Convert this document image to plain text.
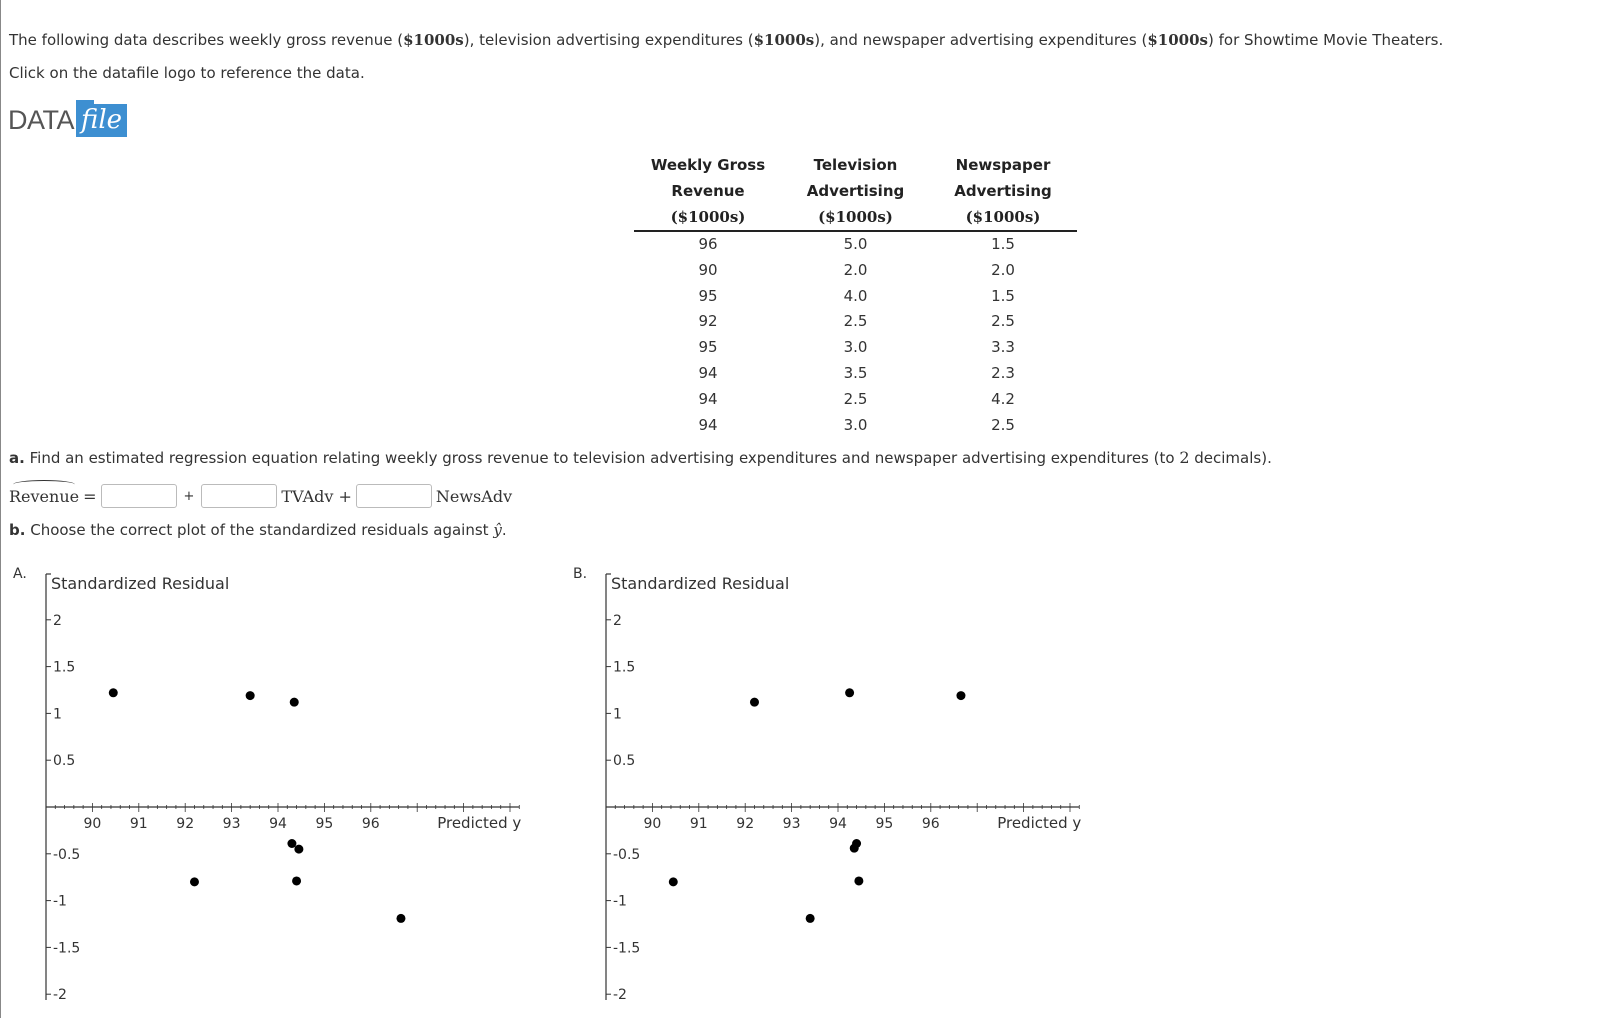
The following data describes weekly gross revenue ($1000s), television advertising expenditures ($1000s), and newspaper advertising expenditures ($1000s) for Showtime Movie Theaters.
Click on the datafile logo to reference the data.
DATA file
Weekly Gross	Television	Newspaper
Revenue	Advertising	Advertising
($1000s)	($1000s)	($1000s)
96	5.0	1.5
90	2.0	2.0
95	4.0	1.5
92	2.5	2.5
95	3.0	3.3
94	3.5	2.3
94	2.5	4.2
94	3.0	2.5
a. Find an estimated regression equation relating weekly gross revenue to television advertising expenditures and newspaper advertising expenditures (to 2 decimals).
Revenue =	+	TVAdv +	NewsAdv
b. Choose the correct plot of the standardized residuals against ŷ.
A.	B.
Standardized Residual
2
1.5
1
0.5
-0.5
-1
-1.5
-2
90 91 92 93 94 95 96	Predicted y
Standardized Residual
2
1.5
1
0.5
-0.5
-1
-1.5
-2
90 91 92 93 94 95 96	Predicted y
